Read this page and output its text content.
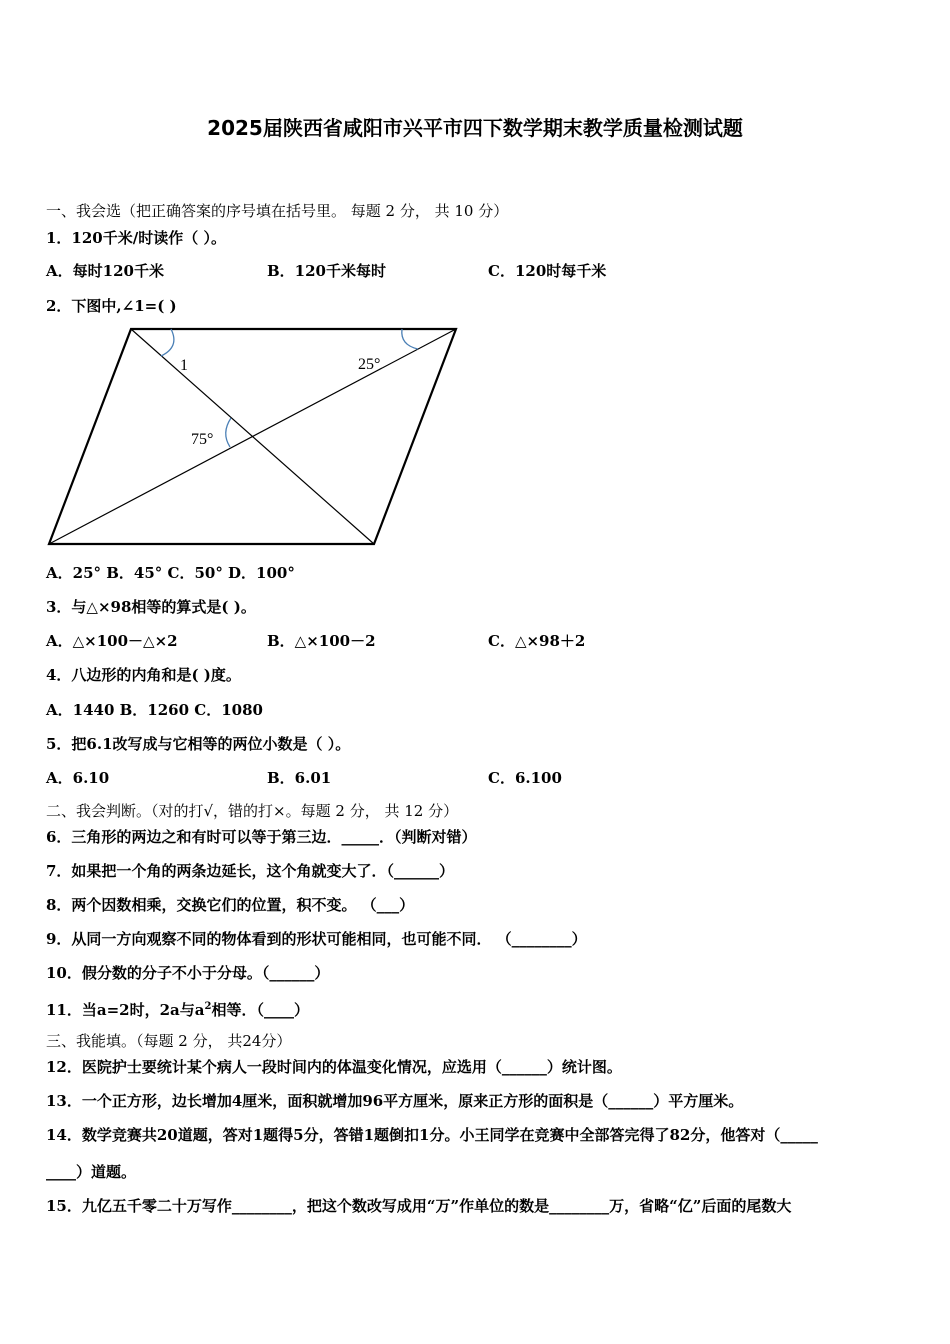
2025届陕西省咸阳市兴平市四下数学期末教学质量检测试题
一、我会选（把正确答案的序号填在括号里。 每题 2 分， 共 10 分）
1．120千米/时读作（ ）。
A．每时120千米	B．120千米每时	C．120时每千米
2．下图中,∠1=( )
1	25°
75°
A．25° B．45° C．50° D．100°
3．与△×98相等的算式是( )。
A．△×100－△×2	B．△×100－2	C．△×98＋2
4．八边形的内角和是( )度。
A．1440 B．1260 C．1080
5．把6.1改写成与它相等的两位小数是（ ）。
A．6.10	B．6.01	C．6.100
二、我会判断。（对的打√，错的打×。每题 2 分， 共 12 分）
6．三角形的两边之和有时可以等于第三边．_____．（判断对错）
7．如果把一个角的两条边延长，这个角就变大了．（______）
8．两个因数相乘，交换它们的位置，积不变。 （___）
9．从同一方向观察不同的物体看到的形状可能相同，也可能不同． （________）
10．假分数的分子不小于分母。（______）
11．当a=2时，2a与$a^2$相等．（____）
三、我能填。（每题 2 分， 共24分）
12．医院护士要统计某个病人一段时间内的体温变化情况，应选用（______）统计图。
13．一个正方形，边长增加4厘米，面积就增加96平方厘米，原来正方形的面积是（______）平方厘米。
14．数学竞赛共20道题，答对1题得5分，答错1题倒扣1分。小王同学在竞赛中全部答完得了82分，他答对（_____
____）道题。
15．九亿五千零二十万写作________，把这个数改写成用“万”作单位的数是________万，省略“亿”后面的尾数大
